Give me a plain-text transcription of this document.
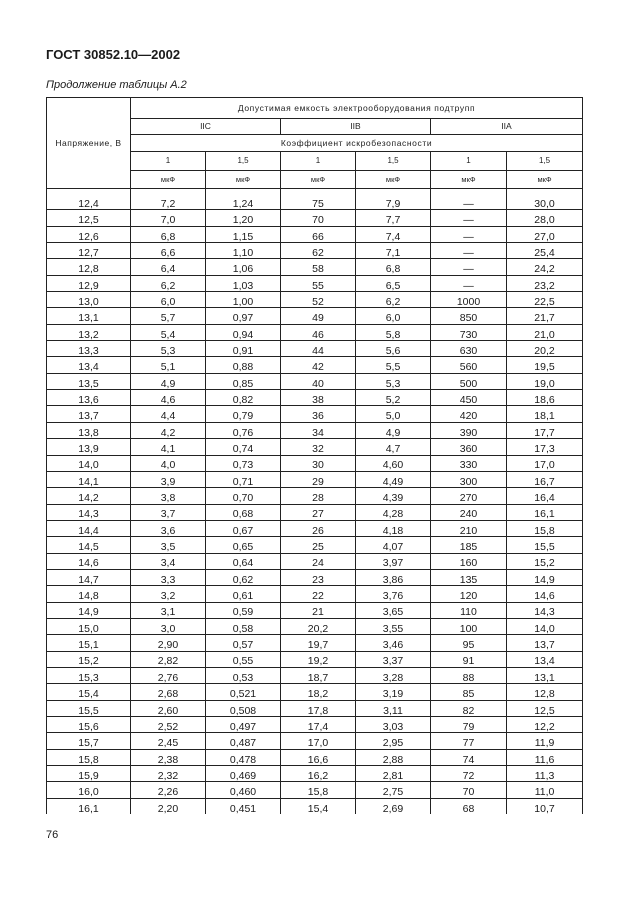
ГОСТ 30852.10—2002
Продолжение таблицы А.2
Напряжение, В	Допустимая емкость электрооборудования подтрупп					
	IIC		IIB		IIA	
	Коэффициент искробезопасности					
	1	1,5	1	1,5	1	1,5
	мкФ	мкФ	мкФ	мкФ	мкФ	мкФ

12,4	7,2	1,24	75	7,9	—	30,0
12,5	7,0	1,20	70	7,7	—	28,0
12,6	6,8	1,15	66	7,4	—	27,0
12,7	6,6	1,10	62	7,1	—	25,4
12,8	6,4	1,06	58	6,8	—	24,2
12,9	6,2	1,03	55	6,5	—	23,2
13,0	6,0	1,00	52	6,2	1000	22,5
13,1	5,7	0,97	49	6,0	850	21,7
13,2	5,4	0,94	46	5,8	730	21,0
13,3	5,3	0,91	44	5,6	630	20,2
13,4	5,1	0,88	42	5,5	560	19,5
13,5	4,9	0,85	40	5,3	500	19,0
13,6	4,6	0,82	38	5,2	450	18,6
13,7	4,4	0,79	36	5,0	420	18,1
13,8	4,2	0,76	34	4,9	390	17,7
13,9	4,1	0,74	32	4,7	360	17,3
14,0	4,0	0,73	30	4,60	330	17,0
14,1	3,9	0,71	29	4,49	300	16,7
14,2	3,8	0,70	28	4,39	270	16,4
14,3	3,7	0,68	27	4,28	240	16,1
14,4	3,6	0,67	26	4,18	210	15,8
14,5	3,5	0,65	25	4,07	185	15,5
14,6	3,4	0,64	24	3,97	160	15,2
14,7	3,3	0,62	23	3,86	135	14,9
14,8	3,2	0,61	22	3,76	120	14,6
14,9	3,1	0,59	21	3,65	110	14,3
15,0	3,0	0,58	20,2	3,55	100	14,0
15,1	2,90	0,57	19,7	3,46	95	13,7
15,2	2,82	0,55	19,2	3,37	91	13,4
15,3	2,76	0,53	18,7	3,28	88	13,1
15,4	2,68	0,521	18,2	3,19	85	12,8
15,5	2,60	0,508	17,8	3,11	82	12,5
15,6	2,52	0,497	17,4	3,03	79	12,2
15,7	2,45	0,487	17,0	2,95	77	11,9
15,8	2,38	0,478	16,6	2,88	74	11,6
15,9	2,32	0,469	16,2	2,81	72	11,3
16,0	2,26	0,460	15,8	2,75	70	11,0
16,1	2,20	0,451	15,4	2,69	68	10,7
76
